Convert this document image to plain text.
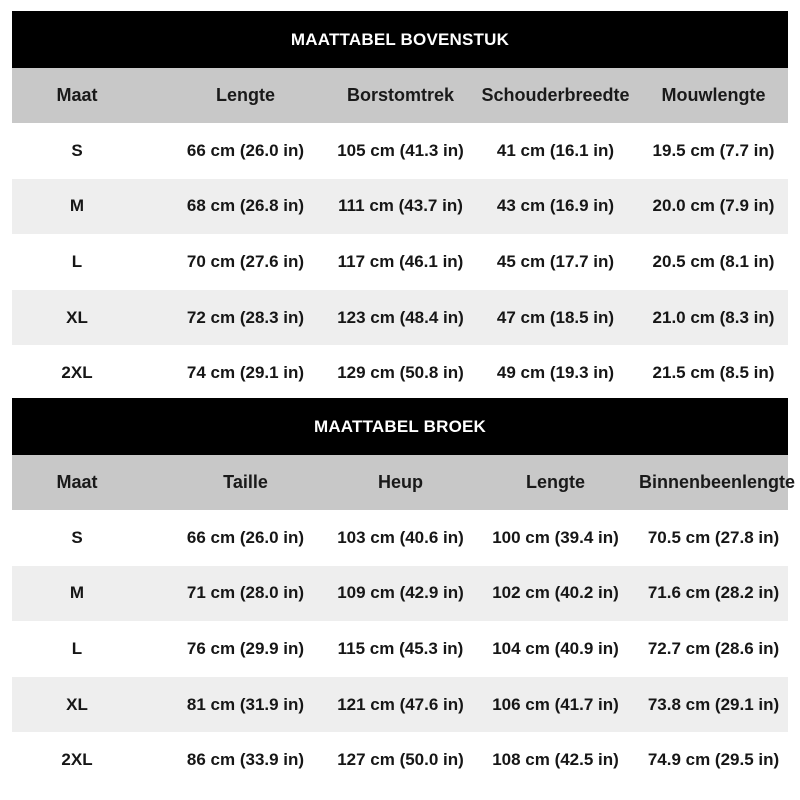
MAATTABEL BOVENSTUK
Maat	Lengte	Borstomtrek	Schouderbreedte	Mouwlengte
S	66 cm (26.0 in)	105 cm (41.3 in)	41 cm (16.1 in)	19.5 cm (7.7 in)
M	68 cm (26.8 in)	111 cm (43.7 in)	43 cm (16.9 in)	20.0 cm (7.9 in)
L	70 cm (27.6 in)	117 cm (46.1 in)	45 cm (17.7 in)	20.5 cm (8.1 in)
XL	72 cm (28.3 in)	123 cm (48.4 in)	47 cm (18.5 in)	21.0 cm (8.3 in)
2XL	74 cm (29.1 in)	129 cm (50.8 in)	49 cm (19.3 in)	21.5 cm (8.5 in)
MAATTABEL BROEK
Maat	Taille	Heup	Lengte	Binnenbeenlengte
S	66 cm (26.0 in)	103 cm (40.6 in)	100 cm (39.4 in)	70.5 cm (27.8 in)
M	71 cm (28.0 in)	109 cm (42.9 in)	102 cm (40.2 in)	71.6 cm (28.2 in)
L	76 cm (29.9 in)	115 cm (45.3 in)	104 cm (40.9 in)	72.7 cm (28.6 in)
XL	81 cm (31.9 in)	121 cm (47.6 in)	106 cm (41.7 in)	73.8 cm (29.1 in)
2XL	86 cm (33.9 in)	127 cm (50.0 in)	108 cm (42.5 in)	74.9 cm (29.5 in)
